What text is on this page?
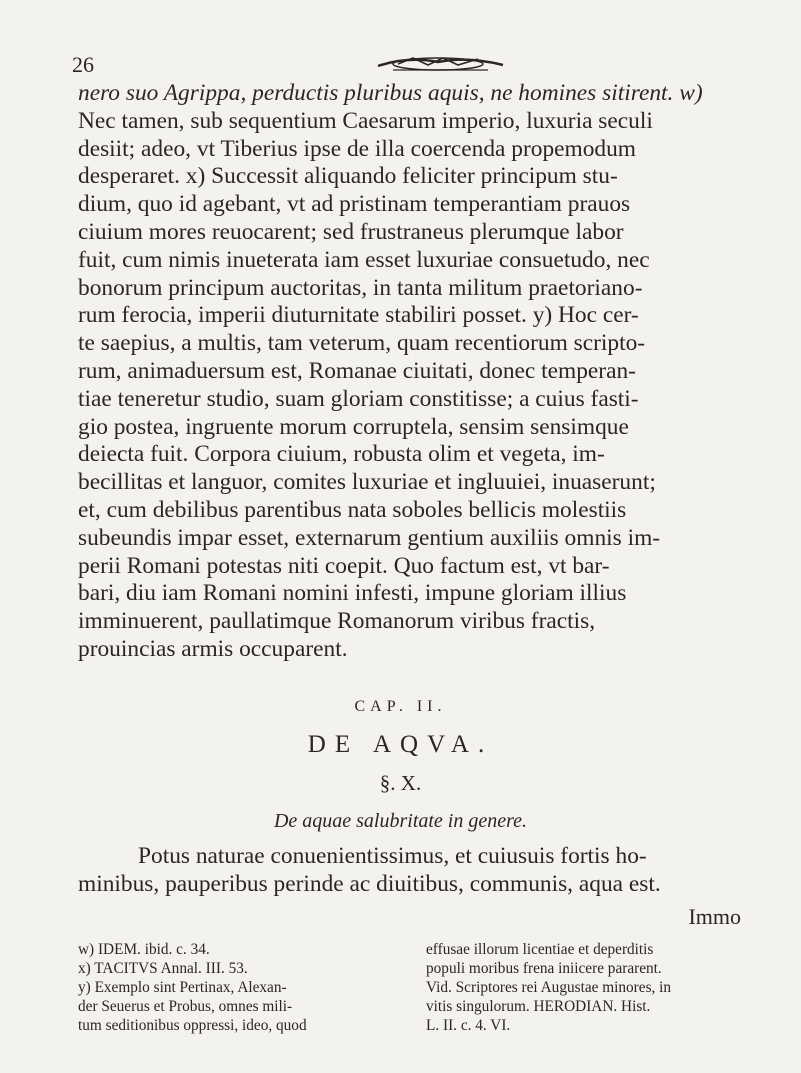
26
nero suo Agrippa, perductis pluribus aquis, ne homines sitirent. w)
Nec tamen, sub sequentium Caesarum imperio, luxuria seculi
desiit; adeo, vt Tiberius ipse de illa coercenda propemodum
desperaret. x) Successit aliquando feliciter principum stu-
dium, quo id agebant, vt ad pristinam temperantiam prauos
ciuium mores reuocarent; sed frustraneus plerumque labor
fuit, cum nimis inueterata iam esset luxuriae consuetudo, nec
bonorum principum auctoritas, in tanta militum praetoriano-
rum ferocia, imperii diuturnitate stabiliri posset. y) Hoc cer-
te saepius, a multis, tam veterum, quam recentiorum scripto-
rum, animaduersum est, Romanae ciuitati, donec temperan-
tiae teneretur studio, suam gloriam constitisse; a cuius fasti-
gio postea, ingruente morum corruptela, sensim sensimque
deiecta fuit. Corpora ciuium, robusta olim et vegeta, im-
becillitas et languor, comites luxuriae et ingluuiei, inuaserunt;
et, cum debilibus parentibus nata soboles bellicis molestiis
subeundis impar esset, externarum gentium auxiliis omnis im-
perii Romani potestas niti coepit. Quo factum est, vt bar-
bari, diu iam Romani nomini infesti, impune gloriam illius
imminuerent, paullatimque Romanorum viribus fractis,
prouincias armis occuparent.
CAP. II.
DE AQVA.
§. X.
De aquae salubritate in genere.
Potus naturae conuenientissimus, et cuiusuis fortis ho-
minibus, pauperibus perinde ac diuitibus, communis, aqua est.
Immo
w) IDEM. ibid. c. 34.
x) TACITVS Annal. III. 53.
y) Exemplo sint Pertinax, Alexan-
der Seuerus et Probus, omnes mili-
tum seditionibus oppressi, ideo, quod
effusae illorum licentiae et deperditis
populi moribus frena iniicere pararent.
Vid. Scriptores rei Augustae minores, in
vitis singulorum. HERODIAN. Hist.
L. II. c. 4. VI.
